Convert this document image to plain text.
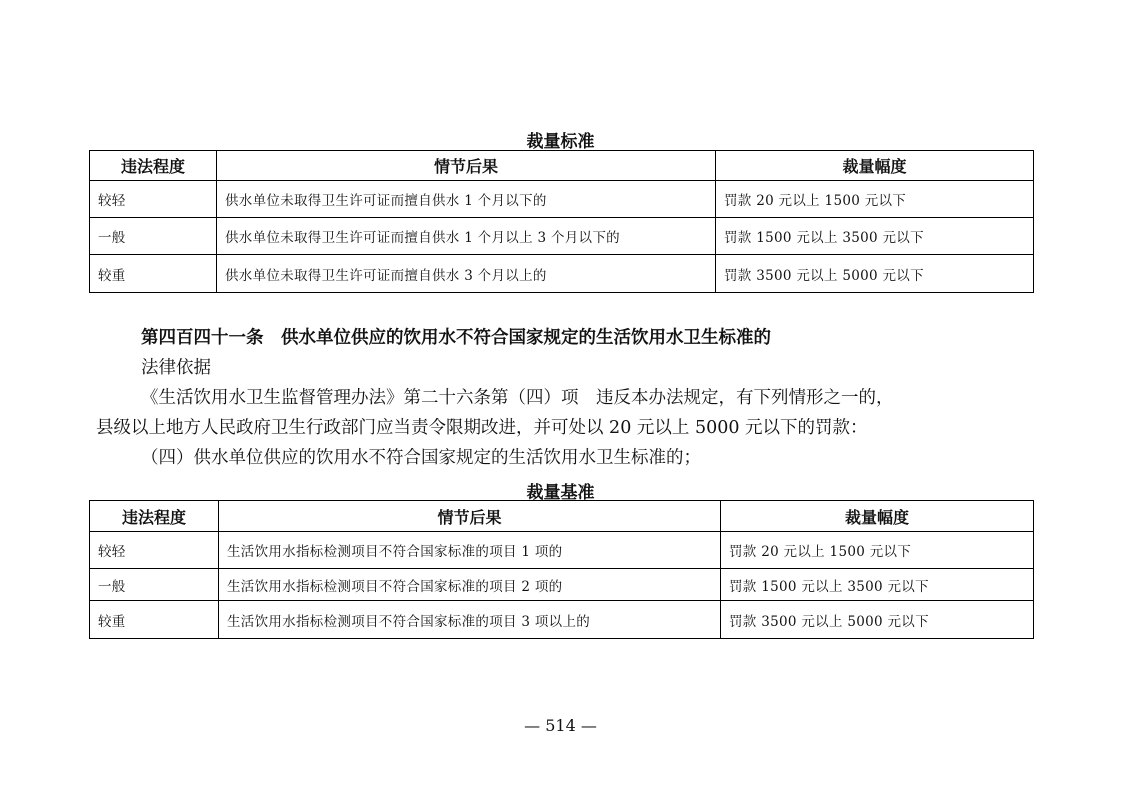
裁量标准
违法程度	情节后果	裁量幅度
较轻	供水单位未取得卫生许可证而擅自供水 1 个月以下的	罚款 20 元以上 1500 元以下
一般	供水单位未取得卫生许可证而擅自供水 1 个月以上 3 个月以下的	罚款 1500 元以上 3500 元以下
较重	供水单位未取得卫生许可证而擅自供水 3 个月以上的	罚款 3500 元以上 5000 元以下
第四百四十一条　供水单位供应的饮用水不符合国家规定的生活饮用水卫生标准的
法律依据
《生活饮用水卫生监督管理办法》第二十六条第（四）项　违反本办法规定，有下列情形之一的，
县级以上地方人民政府卫生行政部门应当责令限期改进，并可处以 20 元以上 5000 元以下的罚款：
（四）供水单位供应的饮用水不符合国家规定的生活饮用水卫生标准的；
裁量基准
违法程度	情节后果	裁量幅度
较轻	生活饮用水指标检测项目不符合国家标准的项目 1 项的	罚款 20 元以上 1500 元以下
一般	生活饮用水指标检测项目不符合国家标准的项目 2 项的	罚款 1500 元以上 3500 元以下
较重	生活饮用水指标检测项目不符合国家标准的项目 3 项以上的	罚款 3500 元以上 5000 元以下
— 514 —
